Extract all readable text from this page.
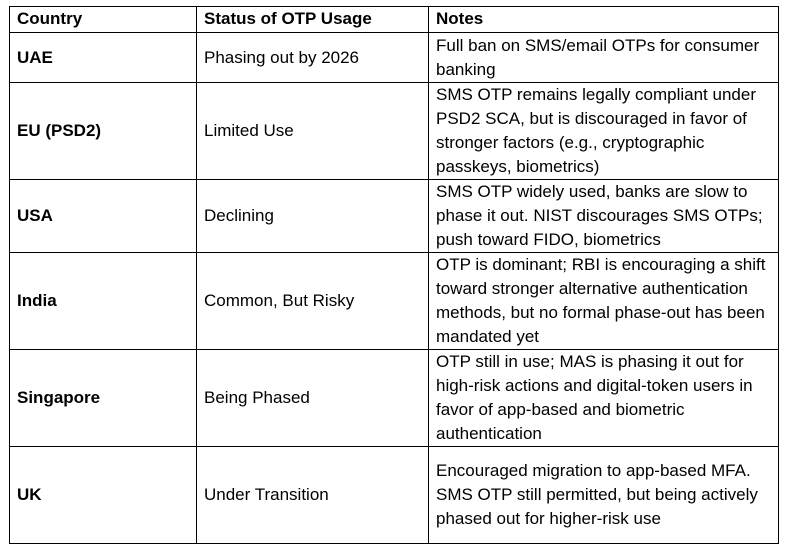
Country	Status of OTP Usage	Notes
UAE	Phasing out by 2026	Full ban on SMS/email OTPs for consumer banking
EU (PSD2)	Limited Use	SMS OTP remains legally compliant under PSD2 SCA, but is discouraged in favor of stronger factors (e.g., cryptographic passkeys, biometrics)
USA	Declining	SMS OTP widely used, banks are slow to phase it out. NIST discourages SMS OTPs; push toward FIDO, biometrics
India	Common, But Risky	OTP is dominant; RBI is encouraging a shift toward stronger alternative authentication methods, but no formal phase-out has been mandated yet
Singapore	Being Phased	OTP still in use; MAS is phasing it out for high-risk actions and digital-token users in favor of app-based and biometric authentication
UK	Under Transition	Encouraged migration to app-based MFA. SMS OTP still permitted, but being actively phased out for higher-risk use
